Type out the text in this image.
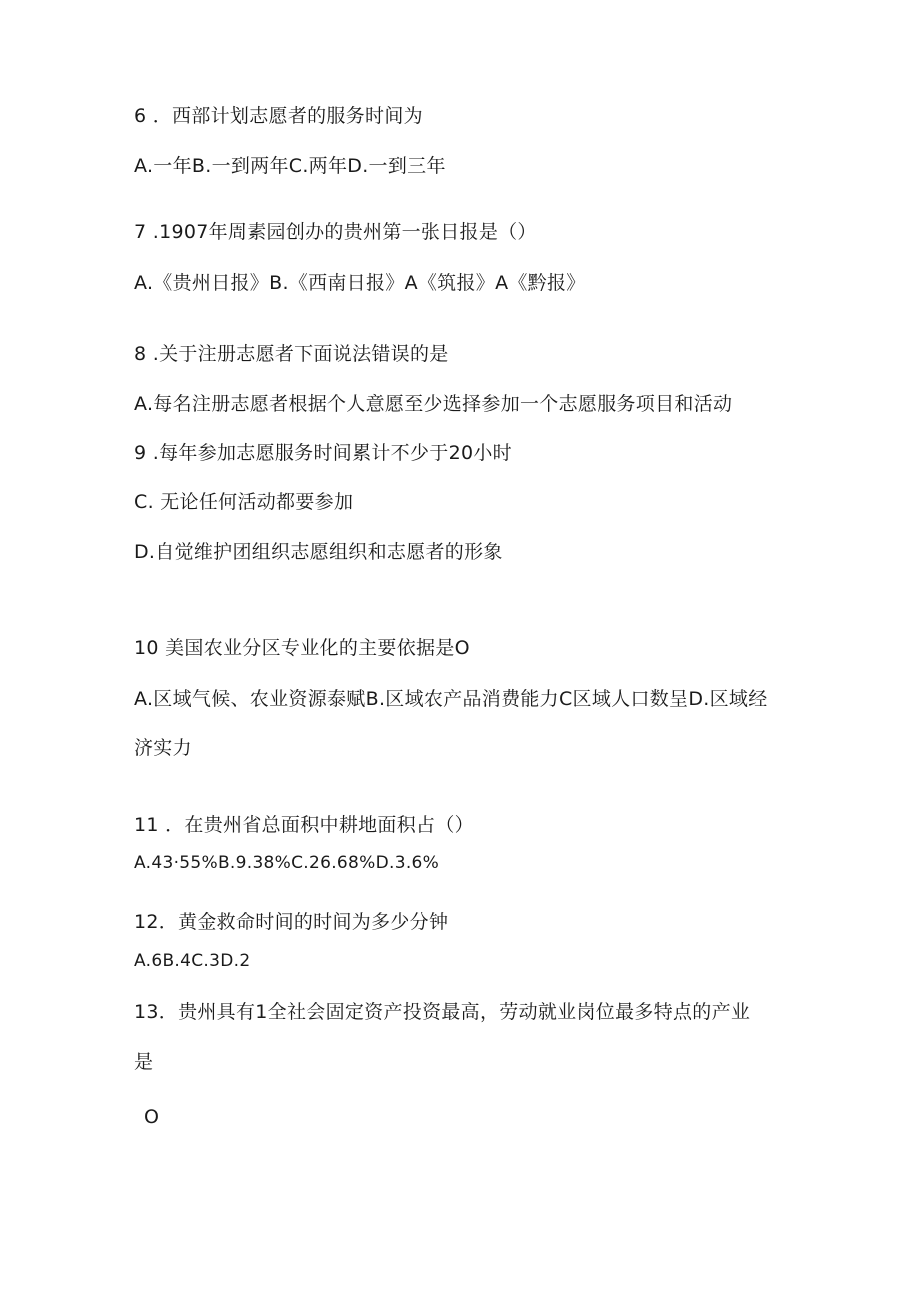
6 ．西部计划志愿者的服务时间为
A.一年B.一到两年C.两年D.一到三年
7 .1907年周素园创办的贵州第一张日报是（）
A.《贵州日报》B.《西南日报》A《筑报》A《黔报》
8 .关于注册志愿者下面说法错误的是
A.每名注册志愿者根据个人意愿至少选择参加一个志愿服务项目和活动
9 .每年参加志愿服务时间累计不少于20小时
C. 无论任何活动都要参加
D.自觉维护团组织志愿组织和志愿者的形象
10 美国农业分区专业化的主要依据是O
A.区域气候、农业资源泰赋B.区域农产品消费能力C区域人口数呈D.区域经
济实力
11 ．在贵州省总面积中耕地面积占（）
A.43·55%B.9.38%C.26.68%D.3.6%
12．黄金救命时间的时间为多少分钟
A.6B.4C.3D.2
13．贵州具有1全社会固定资产投资最高，劳动就业岗位最多特点的产业
是
O
